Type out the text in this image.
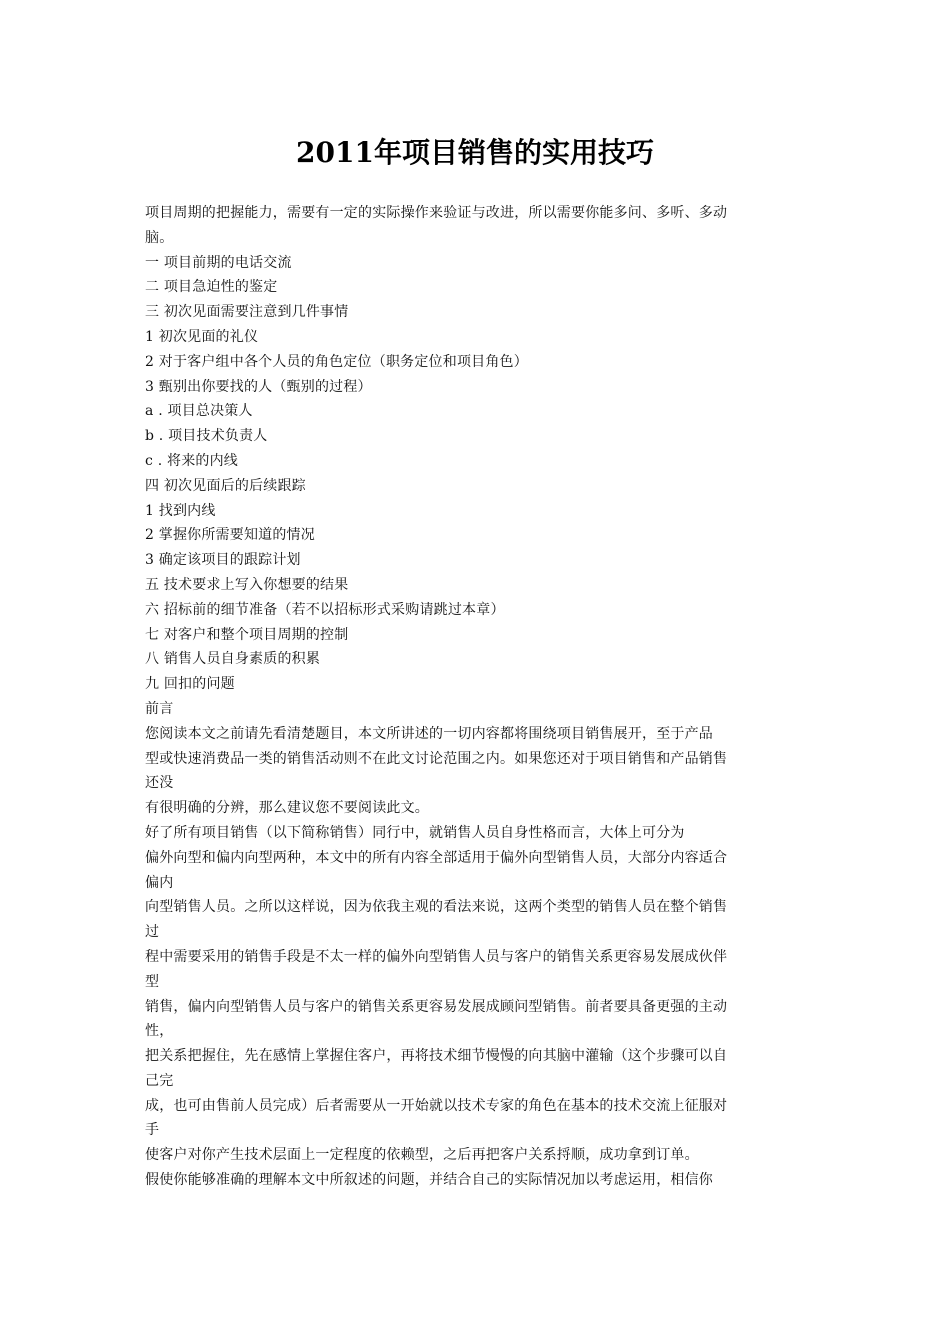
2011年项目销售的实用技巧
项目周期的把握能力，需要有一定的实际操作来验证与改进，所以需要你能多问、多听、多动
脑。
一 项目前期的电话交流
二 项目急迫性的鉴定
三 初次见面需要注意到几件事情
1 初次见面的礼仪
2 对于客户组中各个人员的角色定位（职务定位和项目角色）
3 甄别出你要找的人（甄别的过程）
a . 项目总决策人
b . 项目技术负责人
c . 将来的内线
四 初次见面后的后续跟踪
1 找到内线
2 掌握你所需要知道的情况
3 确定该项目的跟踪计划
五 技术要求上写入你想要的结果
六 招标前的细节准备（若不以招标形式采购请跳过本章）
七 对客户和整个项目周期的控制
八 销售人员自身素质的积累
九 回扣的问题
前言
您阅读本文之前请先看清楚题目，本文所讲述的一切内容都将围绕项目销售展开，至于产品
型或快速消费品一类的销售活动则不在此文讨论范围之内。如果您还对于项目销售和产品销售
还没
有很明确的分辨，那么建议您不要阅读此文。
好了所有项目销售（以下简称销售）同行中，就销售人员自身性格而言，大体上可分为
偏外向型和偏内向型两种，本文中的所有内容全部适用于偏外向型销售人员，大部分内容适合
偏内
向型销售人员。之所以这样说，因为依我主观的看法来说，这两个类型的销售人员在整个销售
过
程中需要采用的销售手段是不太一样的偏外向型销售人员与客户的销售关系更容易发展成伙伴
型
销售，偏内向型销售人员与客户的销售关系更容易发展成顾问型销售。前者要具备更强的主动
性，
把关系把握住，先在感情上掌握住客户，再将技术细节慢慢的向其脑中灌输（这个步骤可以自
己完
成，也可由售前人员完成）后者需要从一开始就以技术专家的角色在基本的技术交流上征服对
手
使客户对你产生技术层面上一定程度的依赖型，之后再把客户关系捋顺，成功拿到订单。
假使你能够准确的理解本文中所叙述的问题，并结合自己的实际情况加以考虑运用，相信你
